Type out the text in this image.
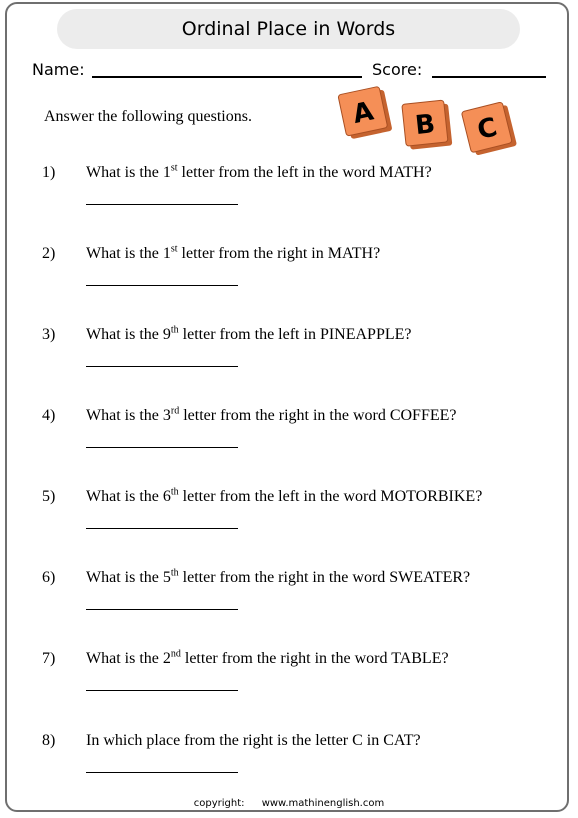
Ordinal Place in Words
Name:	Score:
Answer the following questions.	A B C
1) What is the 1st letter from the left in the word MATH?
2) What is the 1st letter from the right in MATH?
3) What is the 9th letter from the left in PINEAPPLE?
4) What is the 3rd letter from the right in the word COFFEE?
5) What is the 6th letter from the left in the word MOTORBIKE?
6) What is the 5th letter from the right in the word SWEATER?
7) What is the 2nd letter from the right in the word TABLE?
8) In which place from the right is the letter C in CAT?
copyright: www.mathinenglish.com
